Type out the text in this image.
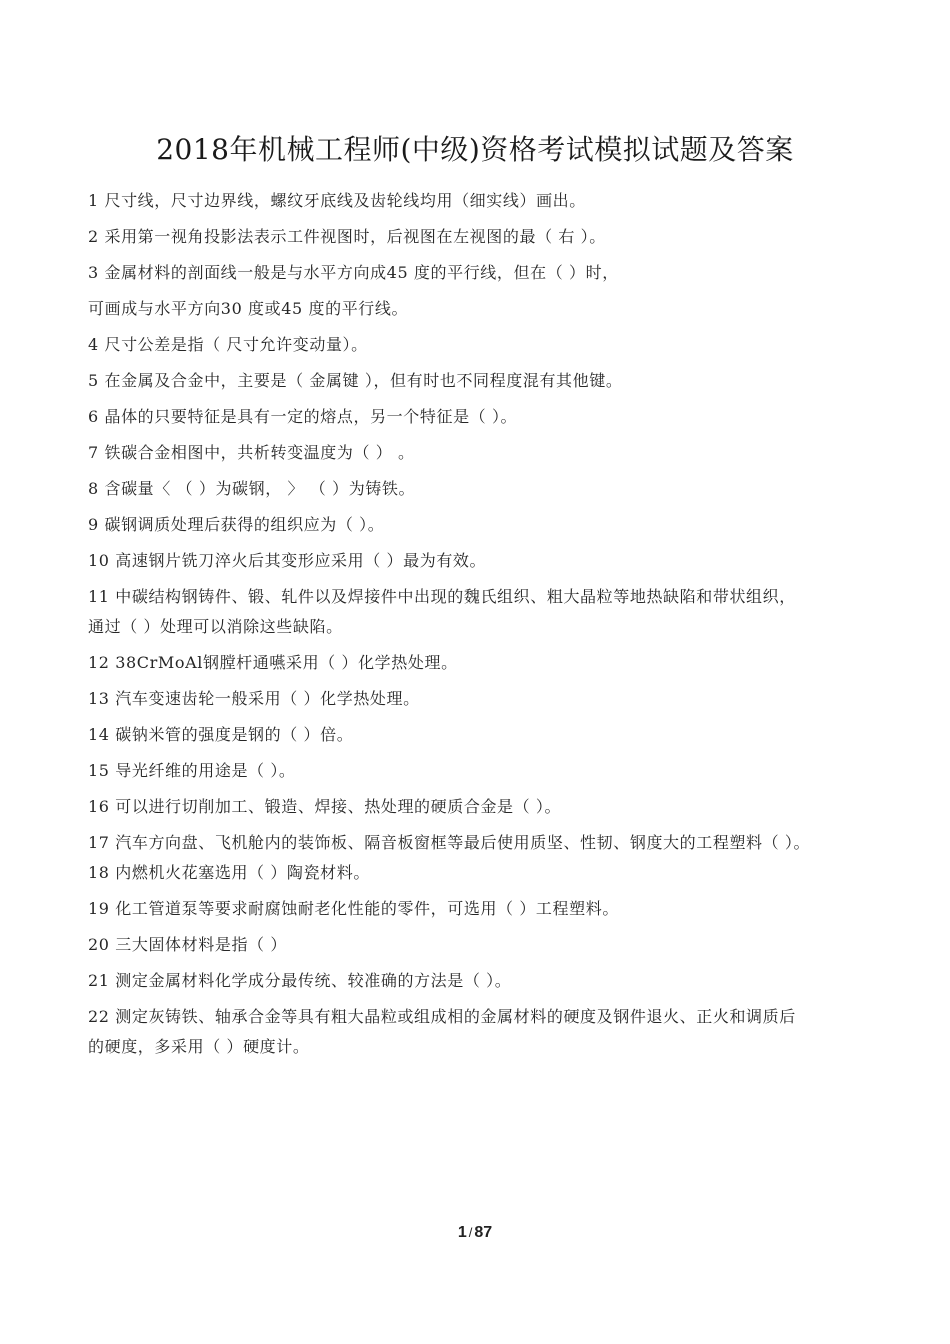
2018年机械工程师(中级)资格考试模拟试题及答案
1 尺寸线，尺寸边界线，螺纹牙底线及齿轮线均用（细实线）画出。
2 采用第一视角投影法表示工件视图时，后视图在左视图的最（ 右 ）。
3 金属材料的剖面线一般是与水平方向成45 度的平行线，但在（ ）时，
可画成与水平方向30 度或45 度的平行线。
4 尺寸公差是指（ 尺寸允许变动量）。
5 在金属及合金中，主要是（ 金属键 ），但有时也不同程度混有其他键。
6 晶体的只要特征是具有一定的熔点，另一个特征是（ ）。
7 铁碳合金相图中，共析转变温度为（ ） 。
8 含碳量〈 （ ）为碳钢， 〉 （ ）为铸铁。
9 碳钢调质处理后获得的组织应为（ ）。
10 高速钢片铣刀淬火后其变形应采用（ ）最为有效。
11 中碳结构钢铸件、锻、轧件以及焊接件中出现的魏氏组织、粗大晶粒等地热缺陷和带状组织，
通过（ ）处理可以消除这些缺陷。
12 38CrMoAl钢膛杆通嚥采用（ ）化学热处理。
13 汽车变速齿轮一般采用（ ）化学热处理。
14 碳钠米管的强度是钢的（ ）倍。
15 导光纤维的用途是（ ）。
16 可以进行切削加工、锻造、焊接、热处理的硬质合金是（ ）。
17 汽车方向盘、飞机舱内的装饰板、隔音板窗框等最后使用质坚、性韧、钢度大的工程塑料（ ）。
18 内燃机火花塞选用（ ）陶瓷材料。
19 化工管道泵等要求耐腐蚀耐老化性能的零件，可选用（ ）工程塑料。
20 三大固体材料是指（ ）
21 测定金属材料化学成分最传统、较准确的方法是（ ）。
22 测定灰铸铁、轴承合金等具有粗大晶粒或组成相的金属材料的硬度及钢件退火、正火和调质后
的硬度，多采用（ ）硬度计。
1 / 87
